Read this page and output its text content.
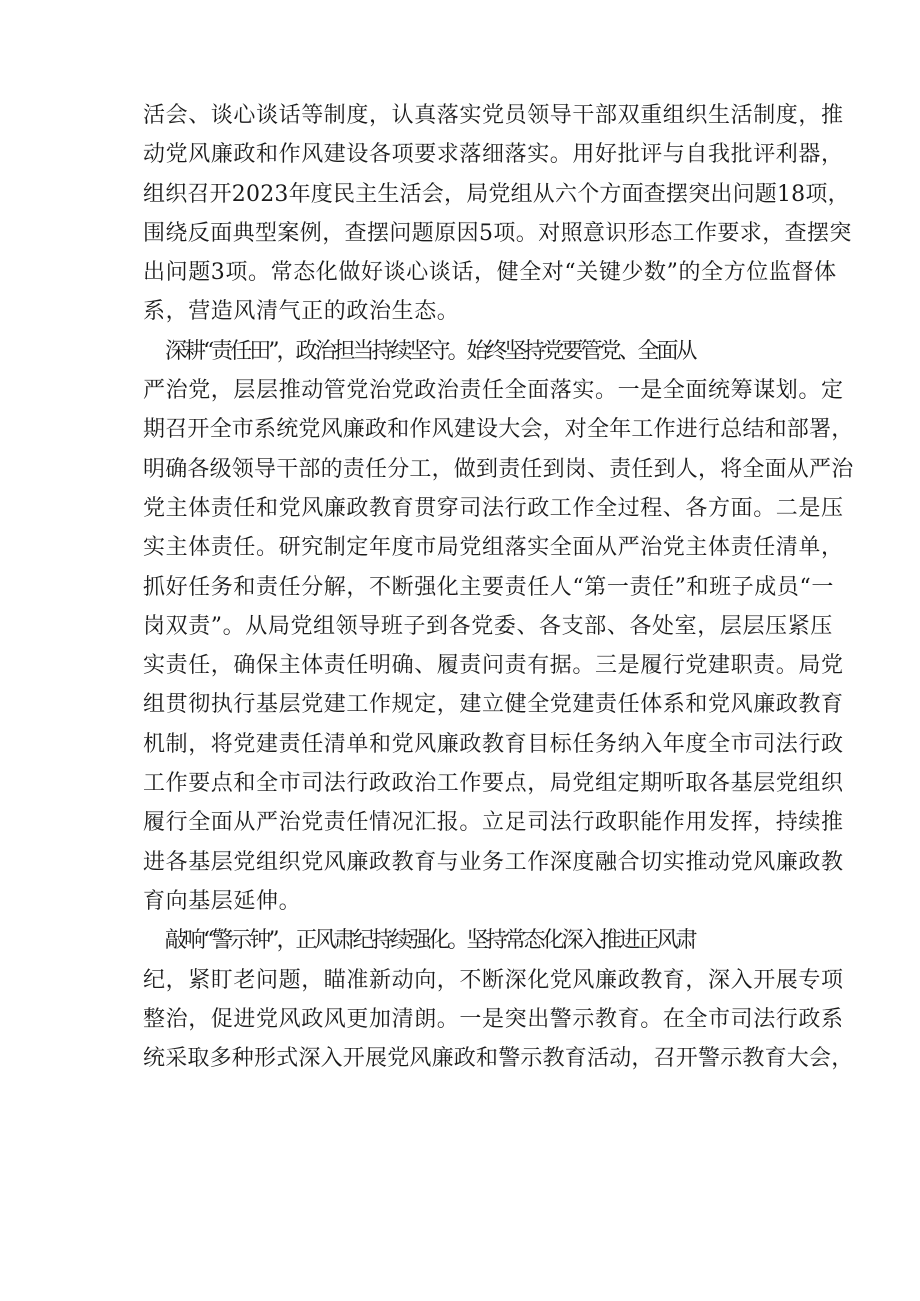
活会、谈心谈话等制度，认真落实党员领导干部双重组织生活制度，推
动党风廉政和作风建设各项要求落细落实。用好批评与自我批评利器，
组织召开2023年度民主生活会，局党组从六个方面查摆突出问题18项，
围绕反面典型案例，查摆问题原因5项。对照意识形态工作要求，查摆突
出问题3项。常态化做好谈心谈话，健全对“关键少数”的全方位监督体
系，营造风清气正的政治生态。
深耕“责任田”，政治担当持续坚守。始终坚持党要管党、全面从
严治党，层层推动管党治党政治责任全面落实。一是全面统筹谋划。定
期召开全市系统党风廉政和作风建设大会，对全年工作进行总结和部署，
明确各级领导干部的责任分工，做到责任到岗、责任到人，将全面从严治
党主体责任和党风廉政教育贯穿司法行政工作全过程、各方面。二是压
实主体责任。研究制定年度市局党组落实全面从严治党主体责任清单，
抓好任务和责任分解，不断强化主要责任人“第一责任”和班子成员“一
岗双责”。从局党组领导班子到各党委、各支部、各处室，层层压紧压
实责任，确保主体责任明确、履责问责有据。三是履行党建职责。局党
组贯彻执行基层党建工作规定，建立健全党建责任体系和党风廉政教育
机制，将党建责任清单和党风廉政教育目标任务纳入年度全市司法行政
工作要点和全市司法行政政治工作要点，局党组定期听取各基层党组织
履行全面从严治党责任情况汇报。立足司法行政职能作用发挥，持续推
进各基层党组织党风廉政教育与业务工作深度融合切实推动党风廉政教
育向基层延伸。
敲响“警示钟”，正风肃纪持续强化。坚持常态化深入推进正风肃
纪，紧盯老问题，瞄准新动向，不断深化党风廉政教育，深入开展专项
整治，促进党风政风更加清朗。一是突出警示教育。在全市司法行政系
统采取多种形式深入开展党风廉政和警示教育活动，召开警示教育大会，
